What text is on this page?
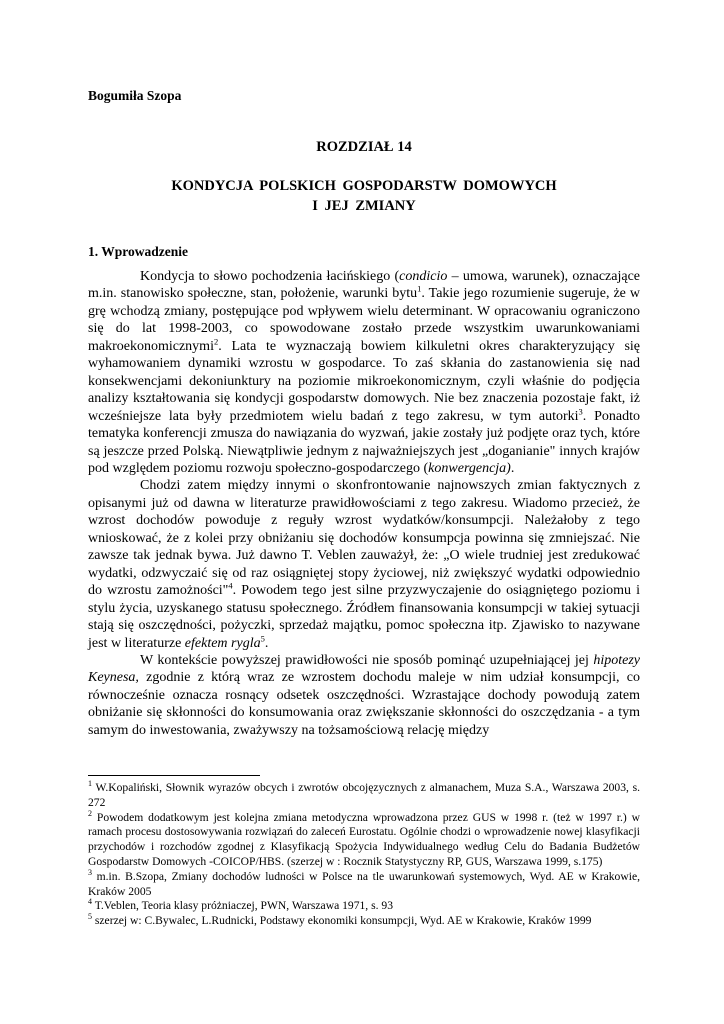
Bogumiła Szopa
ROZDZIAŁ 14
KONDYCJA POLSKICH GOSPODARSTW DOMOWYCH
I JEJ ZMIANY
1. Wprowadzenie

Kondycja to słowo pochodzenia łacińskiego (condicio – umowa, warunek), oznaczające m.in. stanowisko społeczne, stan, położenie, warunki bytu$^1$. Takie jego rozumienie sugeruje, że w grę wchodzą zmiany, postępujące pod wpływem wielu determinant. W opracowaniu ograniczono się do lat 1998-2003, co spowodowane zostało przede wszystkim uwarunkowaniami makroekonomicznymi$^2$. Lata te wyznaczają bowiem kilkuletni okres charakteryzujący się wyhamowaniem dynamiki wzrostu w gospodarce. To zaś skłania do zastanowienia się nad konsekwencjami dekoniunktury na poziomie mikroekonomicznym, czyli właśnie do podjęcia analizy kształtowania się kondycji gospodarstw domowych. Nie bez znaczenia pozostaje fakt, iż wcześniejsze lata były przedmiotem wielu badań z tego zakresu, w tym autorki$^3$. Ponadto tematyka konferencji zmusza do nawiązania do wyzwań, jakie zostały już podjęte oraz tych, które są jeszcze przed Polską. Niewątpliwie jednym z najważniejszych jest „doganianie" innych krajów pod względem poziomu rozwoju społeczno-gospodarczego (konwergencja).

Chodzi zatem między innymi o skonfrontowanie najnowszych zmian faktycznych z opisanymi już od dawna w literaturze prawidłowościami z tego zakresu. Wiadomo przecież, że wzrost dochodów powoduje z reguły wzrost wydatków/konsumpcji. Należałoby z tego wnioskować, że z kolei przy obniżaniu się dochodów konsumpcja powinna się zmniejszać. Nie zawsze tak jednak bywa. Już dawno T. Veblen zauważył, że: „O wiele trudniej jest zredukować wydatki, odzwyczaić się od raz osiągniętej stopy życiowej, niż zwiększyć wydatki odpowiednio do wzrostu zamożności"$^4$. Powodem tego jest silne przyzwyczajenie do osiągniętego poziomu i stylu życia, uzyskanego statusu społecznego. Źródłem finansowania konsumpcji w takiej sytuacji stają się oszczędności, pożyczki, sprzedaż majątku, pomoc społeczna itp. Zjawisko to nazywane jest w literaturze efektem rygla$^5$.

W kontekście powyższej prawidłowości nie sposób pominąć uzupełniającej jej hipotezy Keynesa, zgodnie z którą wraz ze wzrostem dochodu maleje w nim udział konsumpcji, co równocześnie oznacza rosnący odsetek oszczędności. Wzrastające dochody powodują zatem obniżanie się skłonności do konsumowania oraz zwiększanie skłonności do oszczędzania - a tym samym do inwestowania, zważywszy na tożsamościową relację między

$^1$ W.Kopaliński, Słownik wyrazów obcych i zwrotów obcojęzycznych z almanachem, Muza S.A., Warszawa 2003, s. 272

$^2$ Powodem dodatkowym jest kolejna zmiana metodyczna wprowadzona przez GUS w 1998 r. (też w 1997 r.) w ramach procesu dostosowywania rozwiązań do zaleceń Eurostatu. Ogólnie chodzi o wprowadzenie nowej klasyfikacji przychodów i rozchodów zgodnej z Klasyfikacją Spożycia Indywidualnego według Celu do Badania Budżetów Gospodarstw Domowych -COICOP/HBS. (szerzej w : Rocznik Statystyczny RP, GUS, Warszawa 1999, s.175)

$^3$ m.in. B.Szopa, Zmiany dochodów ludności w Polsce na tle uwarunkowań systemowych, Wyd. AE w Krakowie, Kraków 2005

$^4$ T.Veblen, Teoria klasy próżniaczej, PWN, Warszawa 1971, s. 93

$^5$ szerzej w: C.Bywalec, L.Rudnicki, Podstawy ekonomiki konsumpcji, Wyd. AE w Krakowie, Kraków 1999
